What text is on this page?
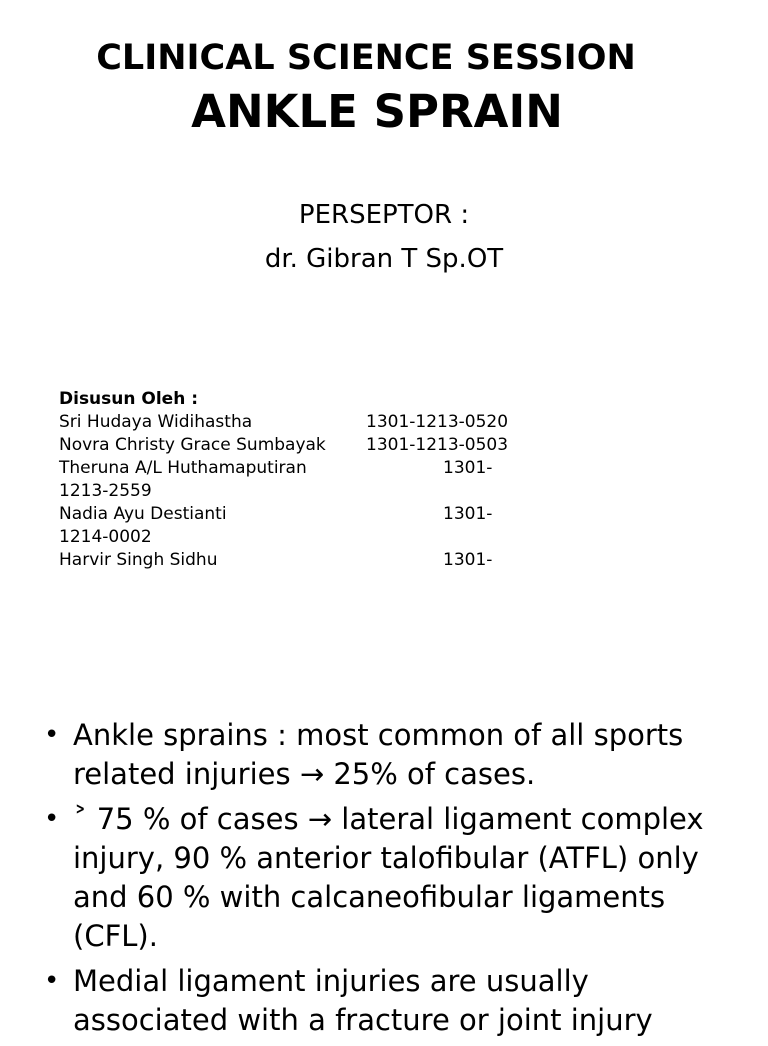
CLINICAL SCIENCE SESSION
ANKLE SPRAIN
PERSEPTOR :
dr. Gibran T Sp.OT
Disusun Oleh :
Sri Hudaya Widihastha	1301-1213-0520
Novra Christy Grace Sumbayak 1301-1213-0503
Theruna A/L Huthamaputiran	1301-
1213-2559
Nadia Ayu Destianti	1301-
1214-0002
Harvir Singh Sidhu	1301-
• Ankle sprains : most common of all sports related injuries → 25% of cases.
• ˃ 75 % of cases → lateral ligament complex injury, 90 % anterior talofibular (ATFL) only and 60 % with calcaneofibular ligaments (CFL).
• Medial ligament injuries are usually associated with a fracture or joint injury
